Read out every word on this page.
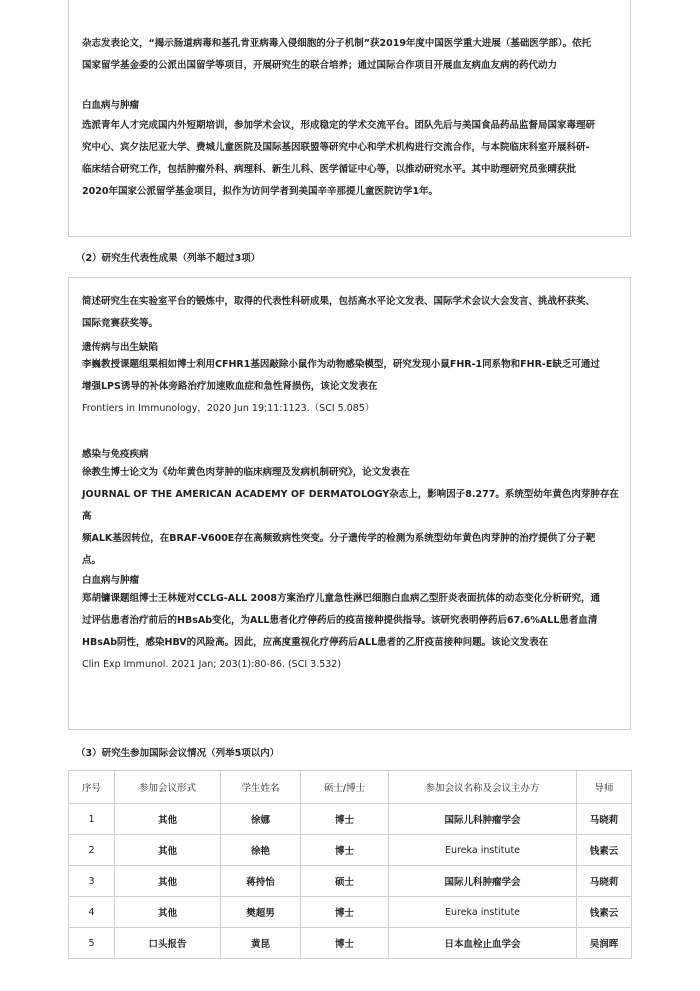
杂志发表论文，“揭示肠道病毒和基孔肯亚病毒入侵细胞的分子机制”获2019年度中国医学重大进展（基础医学部）。依托
国家留学基金委的公派出国留学等项目，开展研究生的联合培养；通过国际合作项目开展血友病血友病的药代动力
白血病与肿瘤
选派青年人才完成国内外短期培训，参加学术会议，形成稳定的学术交流平台。团队先后与美国食品药品监督局国家毒理研
究中心、宾夕法尼亚大学、费城儿童医院及国际基因联盟等研究中心和学术机构进行交流合作，与本院临床科室开展科研-
临床结合研究工作，包括肿瘤外科、病理科、新生儿科、医学循证中心等，以推动研究水平。其中助理研究员张晴获批
2020年国家公派留学基金项目，拟作为访问学者到美国辛辛那提儿童医院访学1年。
（2）研究生代表性成果（列举不超过3项）
简述研究生在实验室平台的锻炼中，取得的代表性科研成果，包括高水平论文发表、国际学术会议大会发言、挑战杯获奖、
国际竞赛获奖等。
遗传病与出生缺陷
李巍教授课题组栗相如博士利用CFHR1基因敲除小鼠作为动物感染模型，研究发现小鼠FHR-1同系物和FHR-E缺乏可通过
增强LPS诱导的补体旁路治疗加速败血症和急性肾损伤，该论文发表在
Frontiers in Immunology，2020 Jun 19;11:1123.（SCI 5.085）
感染与免疫疾病
徐教生博士论文为《幼年黄色肉芽肿的临床病理及发病机制研究》，论文发表在
JOURNAL OF THE AMERICAN ACADEMY OF DERMATOLOGY杂志上，影响因子8.277。系统型幼年黄色肉芽肿存在高
频ALK基因转位，在BRAF-V600E存在高频致病性突变。分子遗传学的检测为系统型幼年黄色肉芽肿的治疗提供了分子靶
点。
白血病与肿瘤
郑胡镛课题组博士王林娅对CCLG-ALL 2008方案治疗儿童急性淋巴细胞白血病乙型肝炎表面抗体的动态变化分析研究，通
过评估患者治疗前后的HBsAb变化，为ALL患者化疗停药后的疫苗接种提供指导。该研究表明停药后67.6%ALL患者血清
HBsAb阴性，感染HBV的风险高。因此，应高度重视化疗停药后ALL患者的乙肝疫苗接种问题。该论文发表在
Clin Exp Immunol. 2021 Jan; 203(1):80-86. (SCI 3.532)
（3）研究生参加国际会议情况（列举5项以内）
序号	参加会议形式	学生姓名	硕士/博士	参加会议名称及会议主办方	导师
1	其他	徐娜	博士	国际儿科肿瘤学会	马晓莉
2	其他	徐艳	博士	Eureka institute	钱素云
3	其他	蒋持怡	硕士	国际儿科肿瘤学会	马晓莉
4	其他	樊超男	博士	Eureka institute	钱素云
5	口头报告	黄昆	博士	日本血栓止血学会	吴润晖
